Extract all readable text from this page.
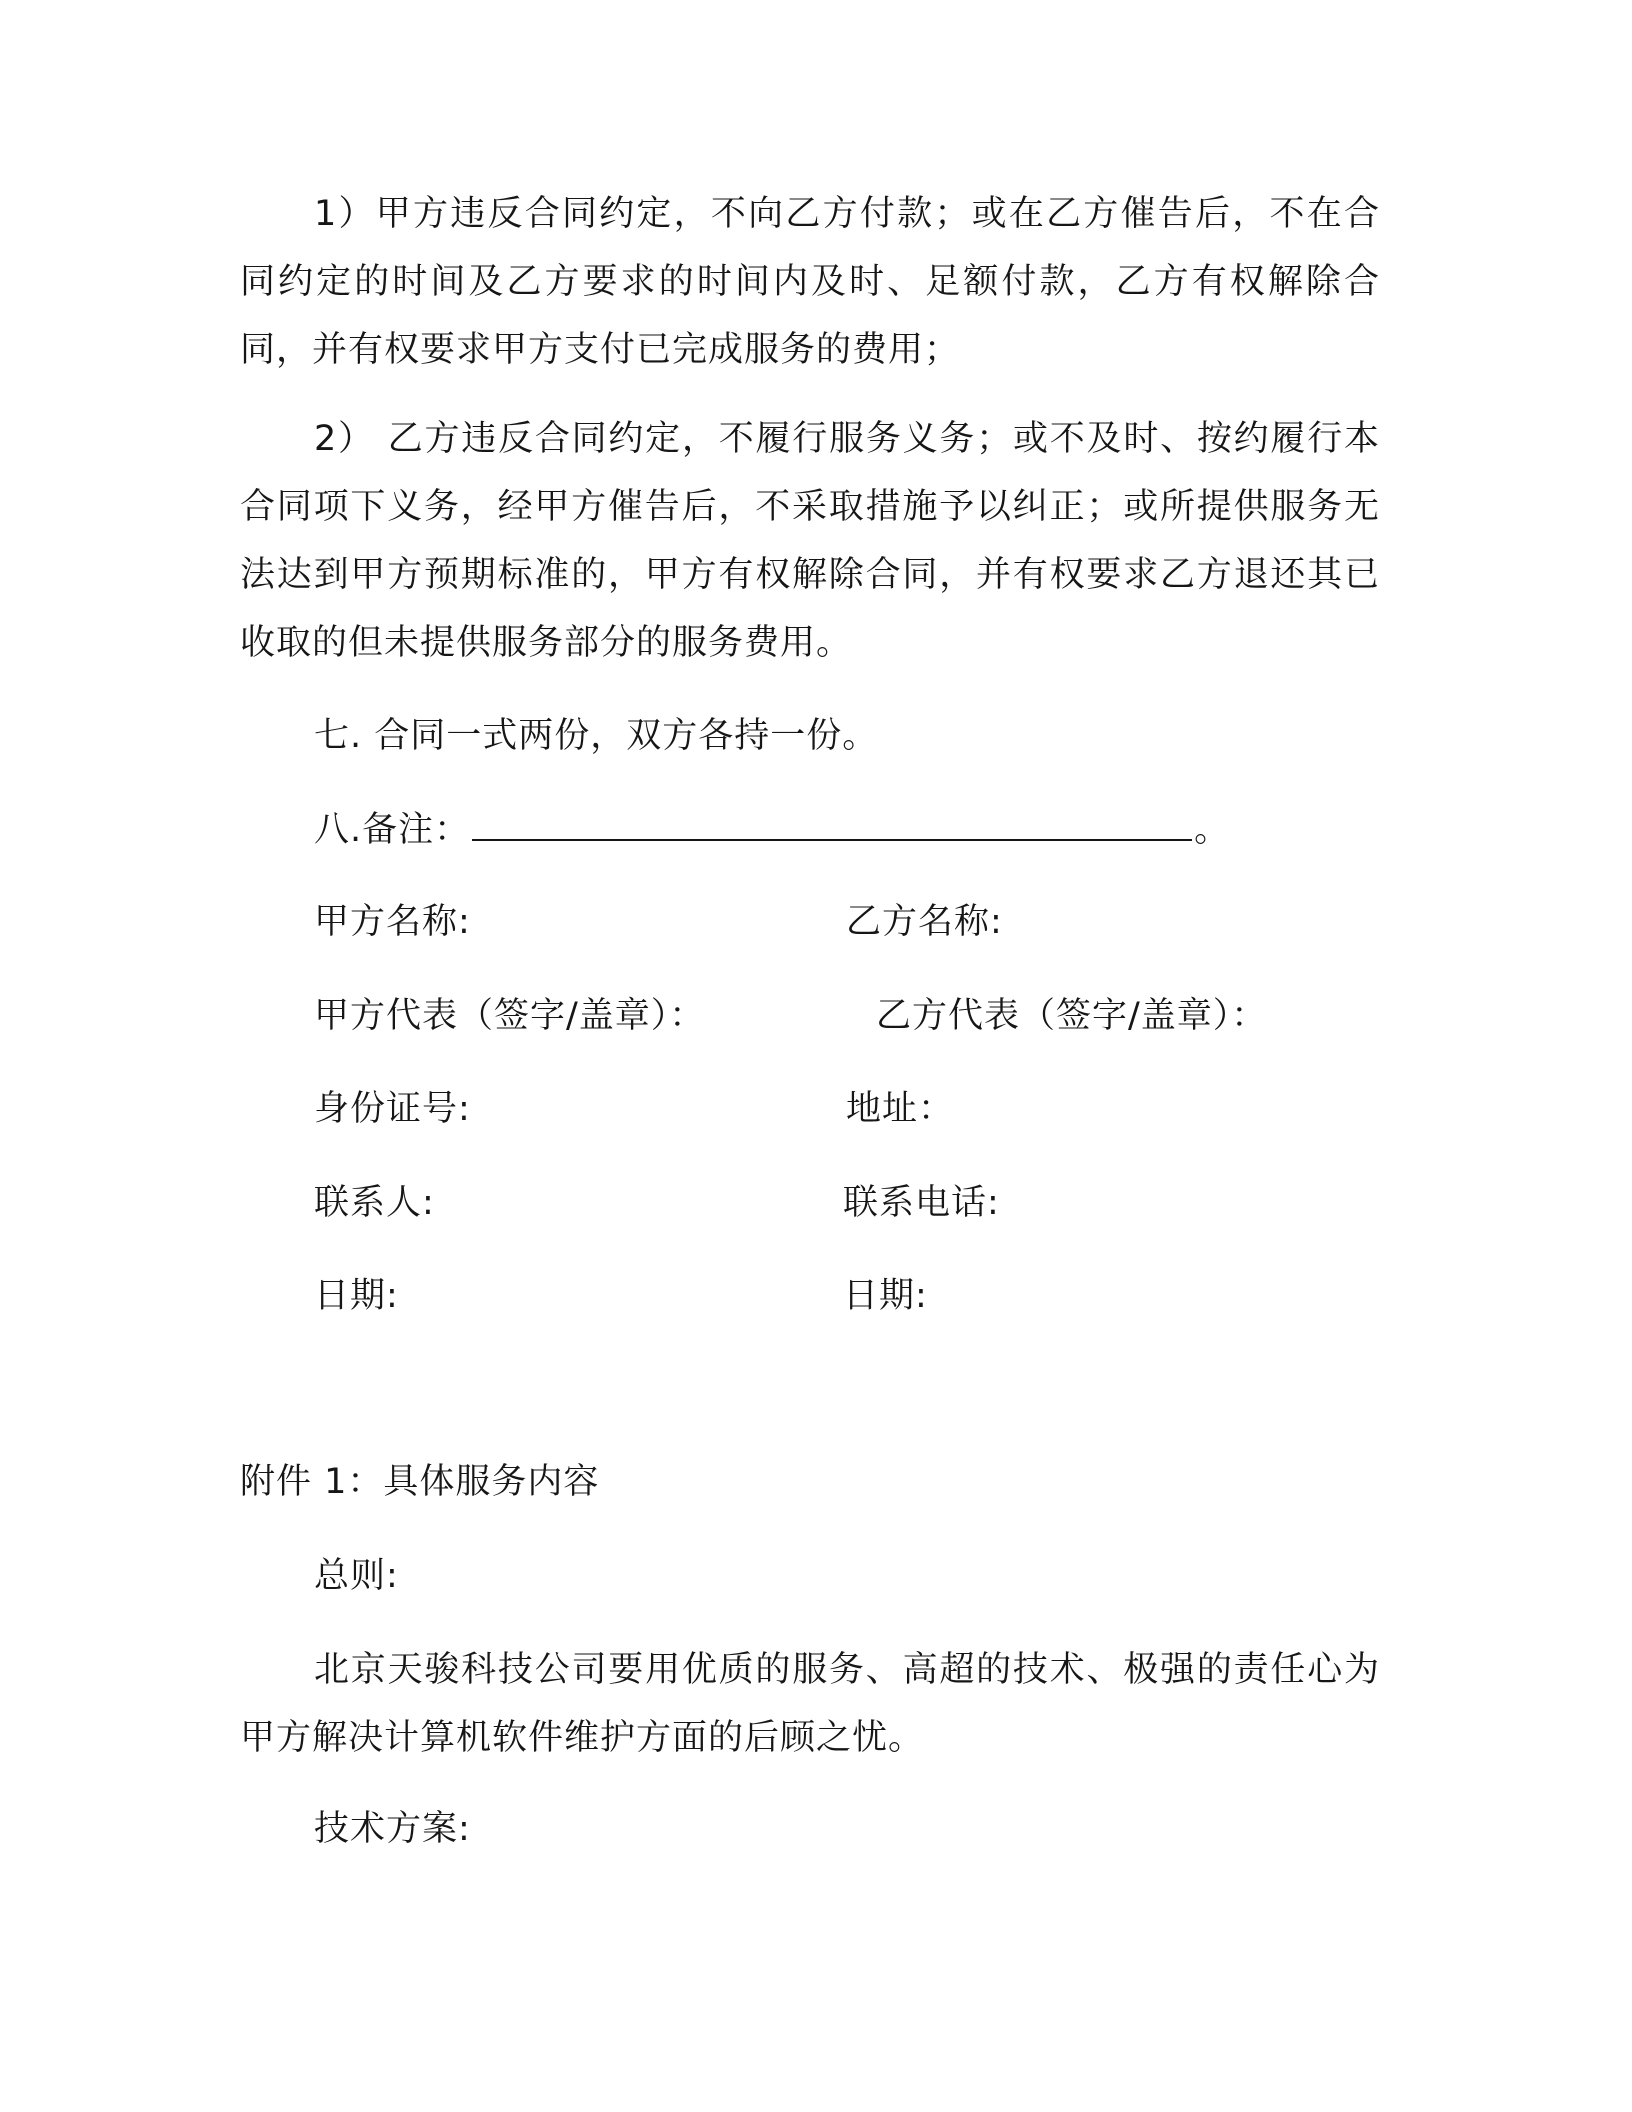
1）甲方违反合同约定，不向乙方付款；或在乙方催告后，不在合同约定的时间及乙方要求的时间内及时、足额付款，乙方有权解除合同，并有权要求甲方支付已完成服务的费用；

2） 乙方违反合同约定，不履行服务义务；或不及时、按约履行本合同项下义务，经甲方催告后，不采取措施予以纠正；或所提供服务无法达到甲方预期标准的，甲方有权解除合同，并有权要求乙方退还其已收取的但未提供服务部分的服务费用。

七. 合同一式两份，双方各持一份。

八.备注：	。

甲方名称:	乙方名称:

甲方代表（签字/盖章）：	乙方代表（签字/盖章）：

身份证号:	地址：

联系人:	联系电话:

日期:	日期:

附件 1：具体服务内容

总则:

北京天骏科技公司要用优质的服务、高超的技术、极强的责任心为甲方解决计算机软件维护方面的后顾之忧。

技术方案:
